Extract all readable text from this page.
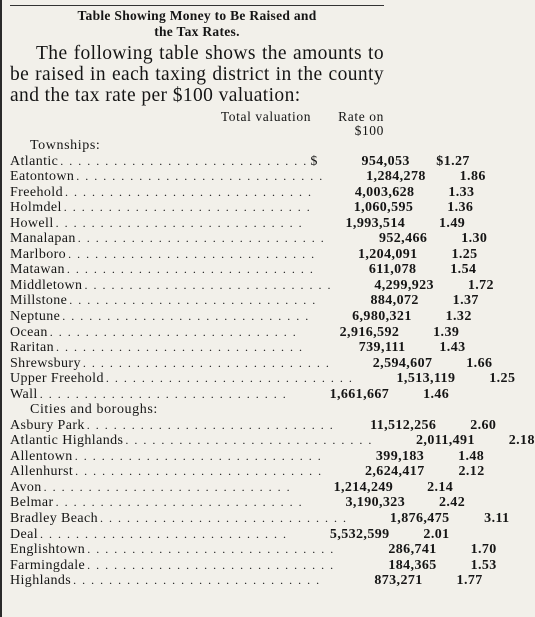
Table Showing Money to Be Raised and
the Tax Rates.
The following table shows the amounts to be raised in each taxing district in the county and the tax rate per $100 valuation:
Total valuation	Rate on $100
Townships:
Atlantic . . . . . . . . . . . . . . . . . . . . . . . . . . . . $	954,053	$1.27
Eatontown . . . . . . . . . . . . . . . . . . . . . . . . . . . .	1,284,278	1.86
Freehold . . . . . . . . . . . . . . . . . . . . . . . . . . . .	4,003,628	1.33
Holmdel . . . . . . . . . . . . . . . . . . . . . . . . . . . .	1,060,595	1.36
Howell . . . . . . . . . . . . . . . . . . . . . . . . . . . .	1,993,514	1.49
Manalapan . . . . . . . . . . . . . . . . . . . . . . . . . . . .	952,466	1.30
Marlboro . . . . . . . . . . . . . . . . . . . . . . . . . . . .	1,204,091	1.25
Matawan . . . . . . . . . . . . . . . . . . . . . . . . . . . .	611,078	1.54
Middletown . . . . . . . . . . . . . . . . . . . . . . . . . . . .	4,299,923	1.72
Millstone . . . . . . . . . . . . . . . . . . . . . . . . . . . .	884,072	1.37
Neptune . . . . . . . . . . . . . . . . . . . . . . . . . . . .	6,980,321	1.32
Ocean . . . . . . . . . . . . . . . . . . . . . . . . . . . .	2,916,592	1.39
Raritan . . . . . . . . . . . . . . . . . . . . . . . . . . . .	739,111	1.43
Shrewsbury . . . . . . . . . . . . . . . . . . . . . . . . . . . .	2,594,607	1.66
Upper Freehold . . . . . . . . . . . . . . . . . . . . . . . . . . . .	1,513,119	1.25
Wall . . . . . . . . . . . . . . . . . . . . . . . . . . . .	1,661,667	1.46
Cities and boroughs:
Asbury Park . . . . . . . . . . . . . . . . . . . . . . . . . . . .	11,512,256	2.60
Atlantic Highlands . . . . . . . . . . . . . . . . . . . . . . . . . . . .	2,011,491	2.18
Allentown . . . . . . . . . . . . . . . . . . . . . . . . . . . .	399,183	1.48
Allenhurst . . . . . . . . . . . . . . . . . . . . . . . . . . . .	2,624,417	2.12
Avon . . . . . . . . . . . . . . . . . . . . . . . . . . . .	1,214,249	2.14
Belmar . . . . . . . . . . . . . . . . . . . . . . . . . . . .	3,190,323	2.42
Bradley Beach . . . . . . . . . . . . . . . . . . . . . . . . . . . .	1,876,475	3.11
Deal . . . . . . . . . . . . . . . . . . . . . . . . . . . .	5,532,599	2.01
Englishtown . . . . . . . . . . . . . . . . . . . . . . . . . . . .	286,741	1.70
Farmingdale . . . . . . . . . . . . . . . . . . . . . . . . . . . .	184,365	1.53
Highlands . . . . . . . . . . . . . . . . . . . . . . . . . . . .	873,271	1.77
